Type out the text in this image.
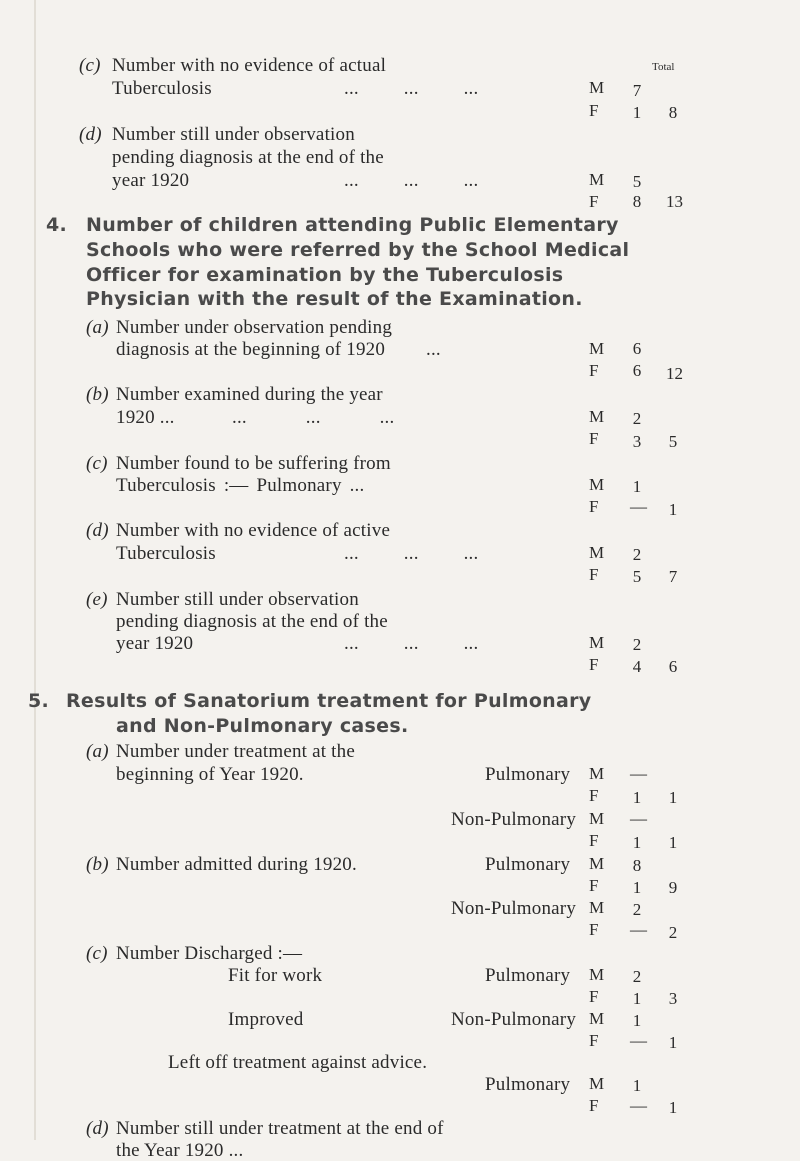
Total
(c) Number with no evidence of actual
Tuberculosis	... ... ...	M 7
F 1 8
(d) Number still under observation
pending diagnosis at the end of the
year 1920	... ... ...	M 5
F 8 13
4. Number of children attending Public Elementary
Schools who were referred by the School Medical
Officer for examination by the Tuberculosis
Physician with the result of the Examination.
(a) Number under observation pending
diagnosis at the beginning of 1920 ...	M 6
F 6 12
(b) Number examined during the year
1920 ...	... ... ...	M 2
F 3 5
(c) Number found to be suffering from
Tuberculosis :— Pulmonary ...	M 1
F — 1
(d) Number with no evidence of active
Tuberculosis	... ... ...	M 2
F 5 7
(e) Number still under observation
pending diagnosis at the end of the
year 1920	... ... ...	M 2
F 4 6
5. Results of Sanatorium treatment for Pulmonary
and Non-Pulmonary cases.
(a) Number under treatment at the
beginning of Year 1920.	Pulmonary M —
F 1 1
Non-Pulmonary M —
F 1 1
(b) Number admitted during 1920.	Pulmonary M 8
F 1 9
Non-Pulmonary M 2
F — 2
(c) Number Discharged :—
Fit for work	Pulmonary M 2
F 1 3
Improved	Non-Pulmonary M 1
F — 1
Left off treatment against advice.
Pulmonary M 1
F — 1
(d) Number still under treatment at the end of
the Year 1920 ...
